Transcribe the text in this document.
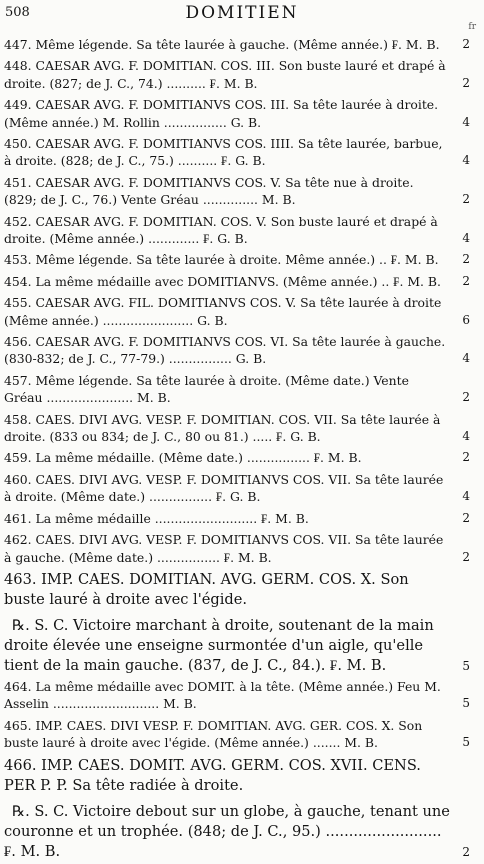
508	DOMITIEN
fr
447. Même légende. Sa tête laurée à gauche. (Même année.) ₣. M. B.	2
448. CAESAR AVG. F. DOMITIAN. COS. III. Son buste lauré et drapé à droite. (827; de J. C., 74.) .......... ₣. M. B.	2
449. CAESAR AVG. F. DOMITIANVS COS. III. Sa tête laurée à droite. (Même année.) M. Rollin ................ G. B.	4
450. CAESAR AVG. F. DOMITIANVS COS. IIII. Sa tête laurée, barbue, à droite. (828; de J. C., 75.) .......... ₣. G. B.	4
451. CAESAR AVG. F. DOMITIANVS COS. V. Sa tête nue à droite. (829; de J. C., 76.) Vente Gréau .............. M. B.	2
452. CAESAR AVG. F. DOMITIAN. COS. V. Son buste lauré et drapé à droite. (Même année.) ............. ₣. G. B.	4
453. Même légende. Sa tête laurée à droite. Même année.) .. ₣. M. B.	2
454. La même médaille avec DOMITIANVS. (Même année.) .. ₣. M. B.	2
455. CAESAR AVG. FIL. DOMITIANVS COS. V. Sa tête laurée à droite (Même année.) ....................... G. B.	6
456. CAESAR AVG. F. DOMITIANVS COS. VI. Sa tête laurée à gauche. (830-832; de J. C., 77-79.) ................ G. B.	4
457. Même légende. Sa tête laurée à droite. (Même date.) Vente Gréau ...................... M. B.	2
458. CAES. DIVI AVG. VESP. F. DOMITIAN. COS. VII. Sa tête laurée à droite. (833 ou 834; de J. C., 80 ou 81.) ..... ₣. G. B.	4
459. La même médaille. (Même date.) ................ ₣. M. B.	2
460. CAES. DIVI AVG. VESP. F. DOMITIANVS COS. VII. Sa tête laurée à droite. (Même date.) ................ ₣. G. B.	4
461. La même médaille .......................... ₣. M. B.	2
462. CAES. DIVI AVG. VESP. F. DOMITIANVS COS. VII. Sa tête laurée à gauche. (Même date.) ................ ₣. M. B.	2
463. IMP. CAES. DOMITIAN. AVG. GERM. COS. X. Son buste lauré à droite avec l'égide.
℞. S. C. Victoire marchant à droite, soutenant de la main droite élevée une enseigne surmontée d'un aigle, qu'elle tient de la main gauche. (837, de J. C., 84.). ₣. M. B.	5
464. La même médaille avec DOMIT. à la tête. (Même année.) Feu M. Asselin ........................... M. B.	5
465. IMP. CAES. DIVI VESP. F. DOMITIAN. AVG. GER. COS. X. Son buste lauré à droite avec l'égide. (Même année.) ....... M. B.	5
466. IMP. CAES. DOMIT. AVG. GERM. COS. XVII. CENS. PER P. P. Sa tête radiée à droite.
℞. S. C. Victoire debout sur un globe, à gauche, tenant une couronne et un trophée. (848; de J. C., 95.) ......................... ₣. M. B.	2
